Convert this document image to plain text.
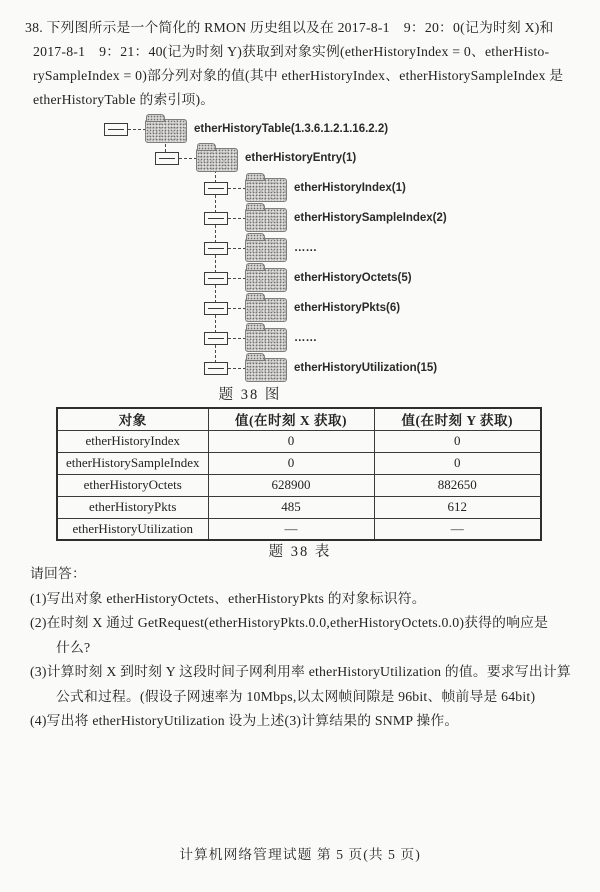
38. 下列图所示是一个简化的 RMON 历史组以及在 2017-8-1　9：20：0(记为时刻 X)和
2017-8-1　9：21：40(记为时刻 Y)获取到对象实例(etherHistoryIndex = 0、etherHisto-
rySampleIndex = 0)部分列对象的值(其中 etherHistoryIndex、etherHistorySampleIndex 是
etherHistoryTable 的索引项)。
etherHistoryTable(1.3.6.1.2.1.16.2.2)
etherHistoryEntry(1)
etherHistoryIndex(1)
etherHistorySampleIndex(2)
……
etherHistoryOctets(5)
etherHistoryPkts(6)
……
etherHistoryUtilization(15)
题 38 图
对象	值(在时刻 X 获取)	值(在时刻 Y 获取)
etherHistoryIndex	0	0
etherHistorySampleIndex	0	0
etherHistoryOctets	628900	882650
etherHistoryPkts	485	612
etherHistoryUtilization	—	—
题 38 表
请回答：
(1)写出对象 etherHistoryOctets、etherHistoryPkts 的对象标识符。
(2)在时刻 X 通过 GetRequest(etherHistoryPkts.0.0,etherHistoryOctets.0.0)获得的响应是
什么?
(3)计算时刻 X 到时刻 Y 这段时间子网利用率 etherHistoryUtilization 的值。要求写出计算
公式和过程。(假设子网速率为 10Mbps,以太网帧间隙是 96bit、帧前导是 64bit)
(4)写出将 etherHistoryUtilization 设为上述(3)计算结果的 SNMP 操作。
计算机网络管理试题 第 5 页(共 5 页)
